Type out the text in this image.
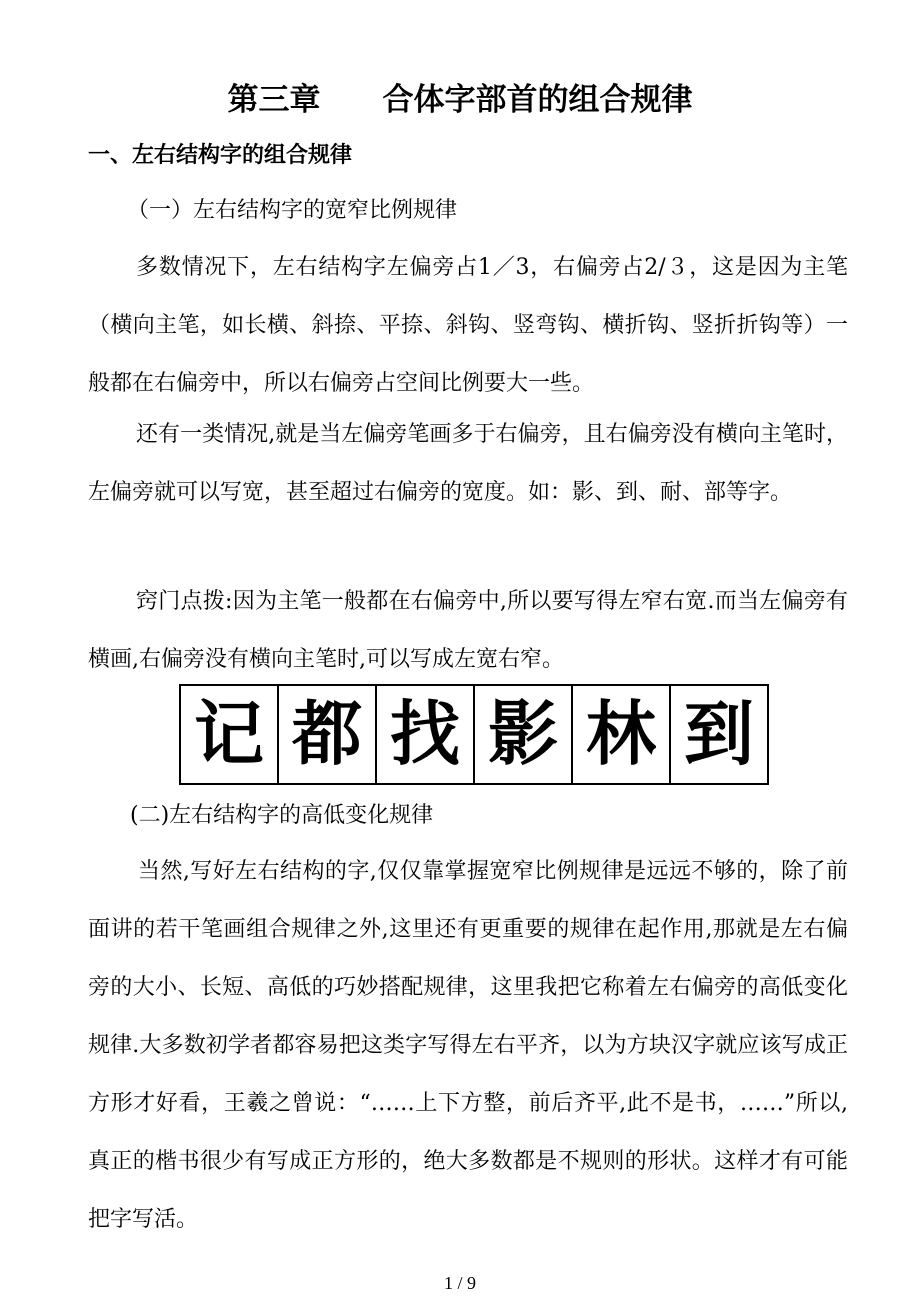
第三章　　合体字部首的组合规律
一、左右结构字的组合规律
（一）左右结构字的宽窄比例规律

多数情况下，左右结构字左偏旁占1／3，右偏旁占2/３，这是因为主笔（横向主笔，如长横、斜捺、平捺、斜钩、竖弯钩、横折钩、竖折折钩等）一般都在右偏旁中，所以右偏旁占空间比例要大一些。

还有一类情况,就是当左偏旁笔画多于右偏旁，且右偏旁没有横向主笔时，左偏旁就可以写宽，甚至超过右偏旁的宽度。如：影、到、耐、部等字。

窍门点拨:因为主笔一般都在右偏旁中,所以要写得左窄右宽.而当左偏旁有横画,右偏旁没有横向主笔时,可以写成左宽右窄。

记	都	找	影	林	到
(二)左右结构字的高低变化规律

当然,写好左右结构的字,仅仅靠掌握宽窄比例规律是远远不够的，除了前面讲的若干笔画组合规律之外,这里还有更重要的规律在起作用,那就是左右偏旁的大小、长短、高低的巧妙搭配规律，这里我把它称着左右偏旁的高低变化规律.大多数初学者都容易把这类字写得左右平齐，以为方块汉字就应该写成正方形才好看，王羲之曾说：“……上下方整，前后齐平,此不是书，……”所以,真正的楷书很少有写成正方形的，绝大多数都是不规则的形状。这样才有可能把字写活。

1 / 9
